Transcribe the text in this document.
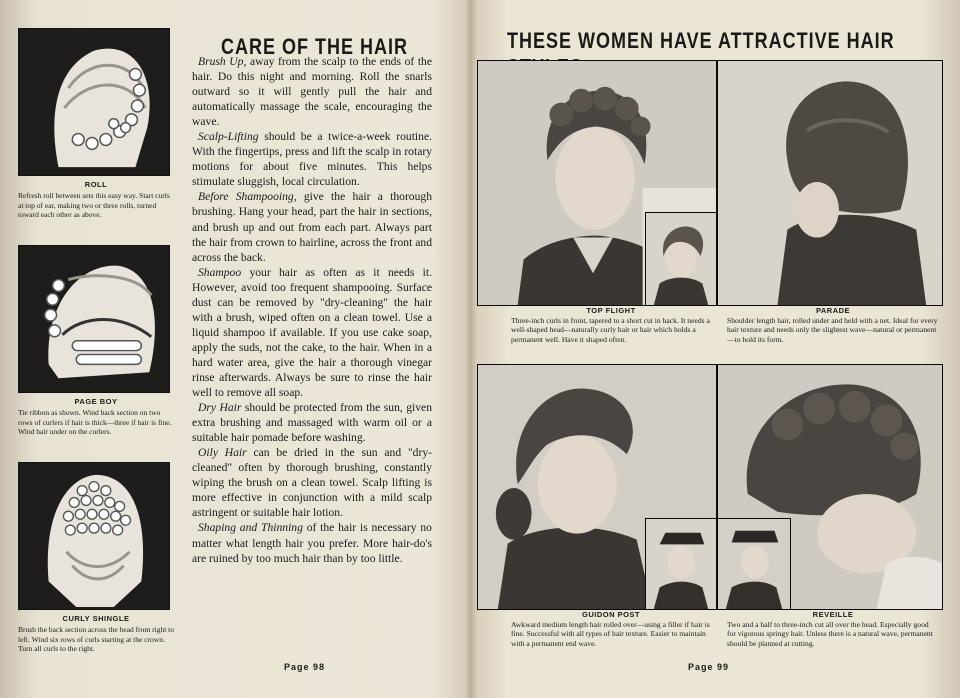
ROLL
Refresh roll between sets this easy way. Start curls at top of ear, making two or three rolls, turned toward each other as above.
PAGE BOY
Tie ribbon as shown. Wind back section on two rows of curlers if hair is thick—three if hair is fine. Wind hair under on the curlers.
CURLY SHINGLE
Brush the back section across the head from right to left. Wind six rows of curls starting at the crown. Turn all curls to the right.
CARE OF THE HAIR

Brush Up, away from the scalp to the ends of the hair. Do this night and morning. Roll the snarls outward so it will gently pull the hair and automatically massage the scale, encouraging the wave.

Scalp-Lifting should be a twice-a-week routine. With the fingertips, press and lift the scalp in rotary motions for about five minutes. This helps stimulate sluggish, local circulation.

Before Shampooing, give the hair a thorough brushing. Hang your head, part the hair in sections, and brush up and out from each part. Always part the hair from crown to hairline, across the front and across the back.

Shampoo your hair as often as it needs it. However, avoid too frequent shampooing. Surface dust can be removed by "dry-cleaning" the hair with a brush, wiped often on a clean towel. Use a liquid shampoo if available. If you use cake soap, apply the suds, not the cake, to the hair. When in a hard water area, give the hair a thorough vinegar rinse afterwards. Always be sure to rinse the hair well to remove all soap.

Dry Hair should be protected from the sun, given extra brushing and massaged with warm oil or a suitable hair pomade before washing.

Oily Hair can be dried in the sun and "dry-cleaned" often by thorough brushing, constantly wiping the brush on a clean towel. Scalp lifting is more effective in conjunction with a mild scalp astringent or suitable hair lotion.

Shaping and Thinning of the hair is necessary no matter what length hair you prefer. More hair-do's are ruined by too much hair than by too little.

Page 98
THESE WOMEN HAVE ATTRACTIVE HAIR
TOP FLIGHT
Three-inch curls in front, tapered to a short cut in back. It needs a well-shaped head—naturally curly hair or hair which holds a permanent well. Have it shaped often.
PARADE
Shoulder length hair, rolled under and held with a net. Ideal for every hair texture and needs only the slightest wave—natural or permanent—to hold its form.
GUIDON POST
Awkward medium length hair rolled over—using a filler if hair is fine. Successful with all types of hair texture. Easier to maintain with a permanent end wave.
REVEILLE
Two and a half to three-inch cut all over the head. Especially good for vigorous springy hair. Unless there is a natural wave, permanent should be planned at cutting.
Page 99
